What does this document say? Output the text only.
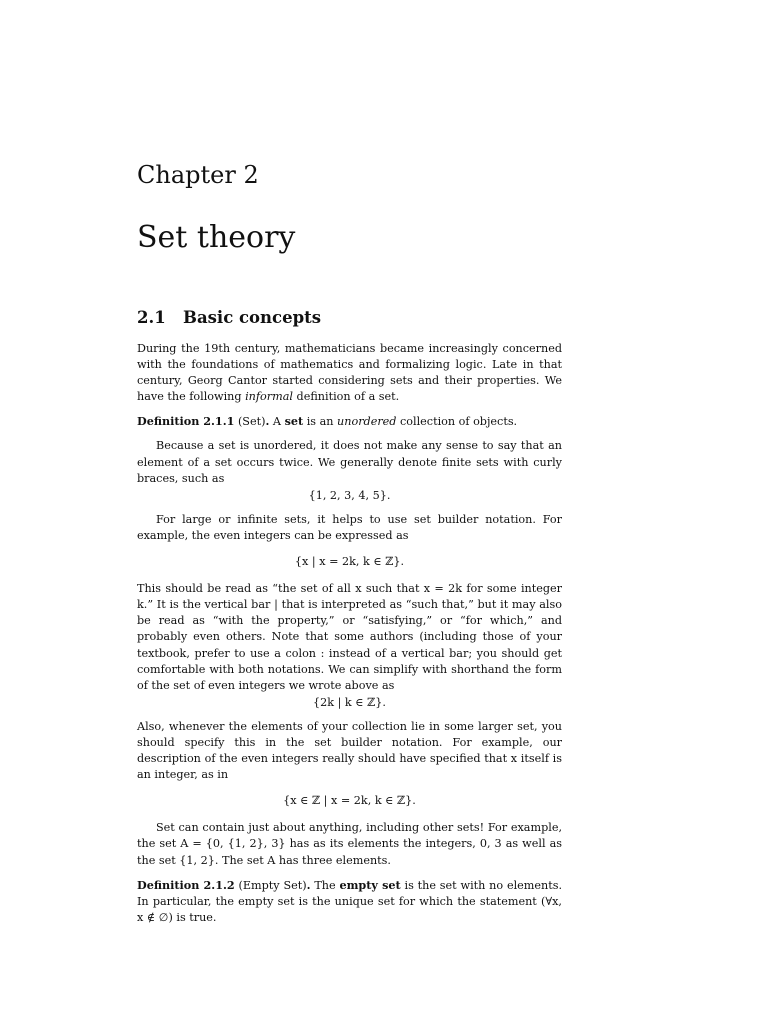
Chapter 2
Set theory
2.1 Basic concepts

During the 19th century, mathematicians became increasingly concerned with the foundations of mathematics and formalizing logic. Late in that century, Georg Cantor started considering sets and their properties. We have the following informal definition of a set.

Definition 2.1.1 (Set). A set is an unordered collection of objects.

Because a set is unordered, it does not make any sense to say that an element of a set occurs twice. We generally denote finite sets with curly braces, such as

{1, 2, 3, 4, 5}.

For large or infinite sets, it helps to use set builder notation. For example, the even integers can be expressed as

{x | x = 2k, k ∈ ℤ}.

This should be read as “the set of all x such that x = 2k for some integer k.” It is the vertical bar | that is interpreted as “such that,” but it may also be read as “with the property,” or “satisfying,” or “for which,” and probably even others. Note that some authors (including those of your textbook, prefer to use a colon : instead of a vertical bar; you should get comfortable with both notations. We can simplify with shorthand the form of the set of even integers we wrote above as

{2k | k ∈ ℤ}.

Also, whenever the elements of your collection lie in some larger set, you should specify this in the set builder notation. For example, our description of the even integers really should have specified that x itself is an integer, as in

{x ∈ ℤ | x = 2k, k ∈ ℤ}.

Set can contain just about anything, including other sets! For example, the set A = {0, {1, 2}, 3} has as its elements the integers, 0, 3 as well as the set {1, 2}. The set A has three elements.

Definition 2.1.2 (Empty Set). The empty set is the set with no elements. In particular, the empty set is the unique set for which the statement (∀x, x ∉ ∅) is true.
